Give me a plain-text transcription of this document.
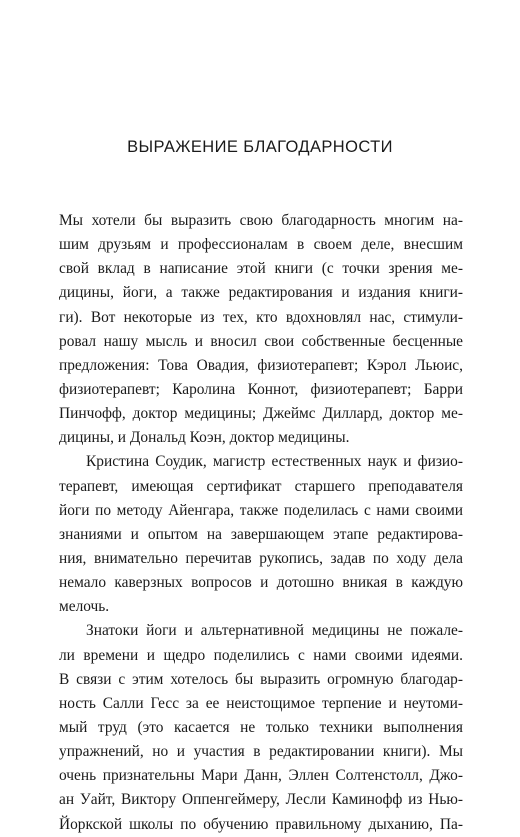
ВЫРАЖЕНИЕ БЛАГОДАРНОСТИ
Мы хотели бы выразить свою благодарность многим на-
шим друзьям и профессионалам в своем деле, внесшим
свой вклад в написание этой книги (с точки зрения ме-
дицины, йоги, а также редактирования и издания книги-
ги). Вот некоторые из тех, кто вдохновлял нас, стимули-
ровал нашу мысль и вносил свои собственные бесценные
предложения: Това Овадия, физиотерапевт; Кэрол Льюис,
физиотерапевт; Каролина Коннот, физиотерапевт; Барри
Пинчофф, доктор медицины; Джеймс Диллард, доктор ме-
дицины, и Дональд Коэн, доктор медицины.
Кристина Соудик, магистр естественных наук и физио-
терапевт, имеющая сертификат старшего преподавателя
йоги по методу Айенгара, также поделилась с нами своими
знаниями и опытом на завершающем этапе редактирова-
ния, внимательно перечитав рукопись, задав по ходу дела
немало каверзных вопросов и дотошно вникая в каждую
мелочь.
Знатоки йоги и альтернативной медицины не пожале-
ли времени и щедро поделились с нами своими идеями.
В связи с этим хотелось бы выразить огромную благодар-
ность Салли Гесс за ее неистощимое терпение и неутоми-
мый труд (это касается не только техники выполнения
упражнений, но и участия в редактировании книги). Мы
очень признательны Мари Данн, Эллен Солтенстолл, Джо-
ан Уайт, Виктору Оппенгеймеру, Лесли Каминофф из Нью-
Йоркской школы по обучению правильному дыханию, Па-
